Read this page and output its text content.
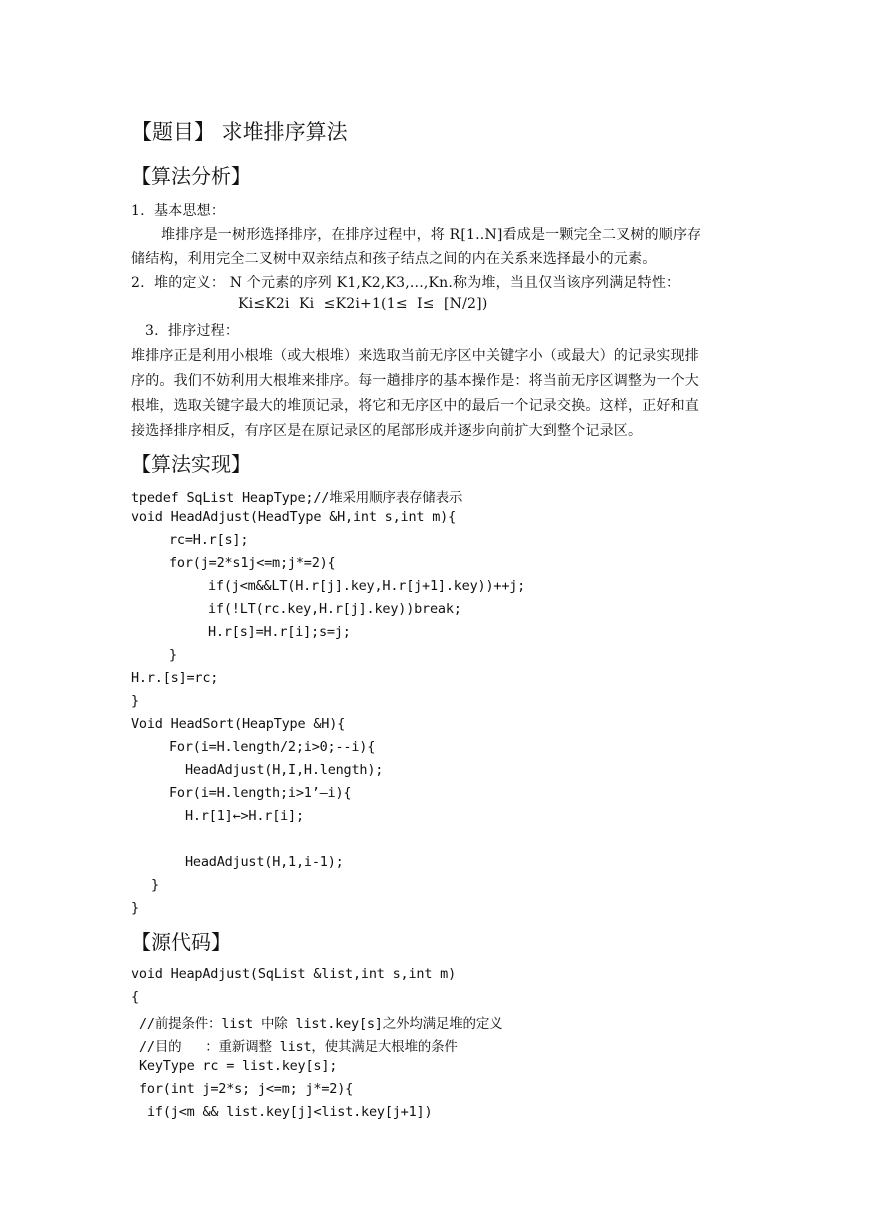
【题目】 求堆排序算法
【算法分析】
1.  基本思想：
堆排序是一树形选择排序，在排序过程中，将 R[1..N]看成是一颗完全二叉树的顺序存
储结构，利用完全二叉树中双亲结点和孩子结点之间的内在关系来选择最小的元素。
2.  堆的定义： N 个元素的序列 K1,K2,K3,...,Kn.称为堆，当且仅当该序列满足特性：
Ki≤K2i  Ki  ≤K2i+1(1≤  I≤  [N/2])
3.  排序过程：
堆排序正是利用小根堆（或大根堆）来选取当前无序区中关键字小（或最大）的记录实现排
序的。我们不妨利用大根堆来排序。每一趟排序的基本操作是：将当前无序区调整为一个大
根堆，选取关键字最大的堆顶记录，将它和无序区中的最后一个记录交换。这样，正好和直
接选择排序相反，有序区是在原记录区的尾部形成并逐步向前扩大到整个记录区。
【算法实现】
tpedef SqList HeapType;//堆采用顺序表存储表示
void HeadAdjust(HeadType &H,int s,int m){
rc=H.r[s];
for(j=2*s1j<=m;j*=2){
if(j<m&&LT(H.r[j].key,H.r[j+1].key))++j;
if(!LT(rc.key,H.r[j].key))break;
H.r[s]=H.r[i];s=j;
}
H.r.[s]=rc;
}
Void HeadSort(HeapType &H){
For(i=H.length/2;i>0;--i){
HeadAdjust(H,I,H.length);
For(i=H.length;i>1’—i){
H.r[1]←>H.r[i];
HeadAdjust(H,1,i-1);
}
}
【源代码】
void HeapAdjust(SqList &list,int s,int m)
{
//前提条件：list 中除 list.key[s]之外均满足堆的定义
//目的   ：重新调整 list，使其满足大根堆的条件
KeyType rc = list.key[s];
for(int j=2*s; j<=m; j*=2){
if(j<m && list.key[j]<list.key[j+1])
